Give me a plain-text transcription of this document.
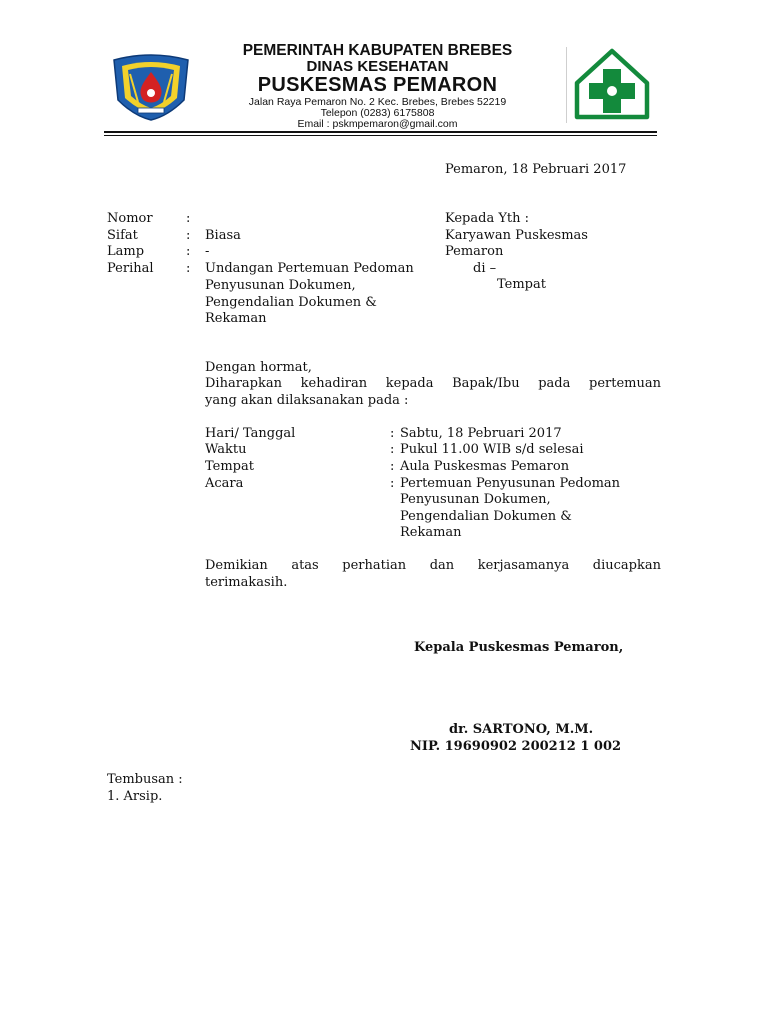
PEMERINTAH KABUPATEN BREBES
DINAS KESEHATAN
PUSKESMAS PEMARON
Jalan Raya Pemaron No. 2 Kec. Brebes, Brebes 52219
Telepon (0283) 6175808
Email : pskmpemaron@gmail.com
Pemaron, 18 Pebruari 2017
Nomor	:
Sifat	: Biasa
Lamp	: -
Perihal : Undangan Pertemuan Pedoman
Penyusunan Dokumen,
Pengendalian Dokumen &
Rekaman
Kepada Yth :
Karyawan Puskesmas
Pemaron
di –
Tempat
Dengan hormat,
Diharapkan kehadiran kepada Bapak/Ibu pada pertemuan
yang akan dilaksanakan pada :
Hari/ Tanggal	: Sabtu, 18 Pebruari 2017
Waktu	: Pukul 11.00 WIB s/d selesai
Tempat	: Aula Puskesmas Pemaron
Acara	: Pertemuan Penyusunan Pedoman
Penyusunan Dokumen,
Pengendalian Dokumen &
Rekaman
Demikian atas perhatian dan kerjasamanya diucapkan
terimakasih.
Kepala Puskesmas Pemaron,
dr. SARTONO, M.M.
NIP. 19690902 200212 1 002
Tembusan :
1. Arsip.
